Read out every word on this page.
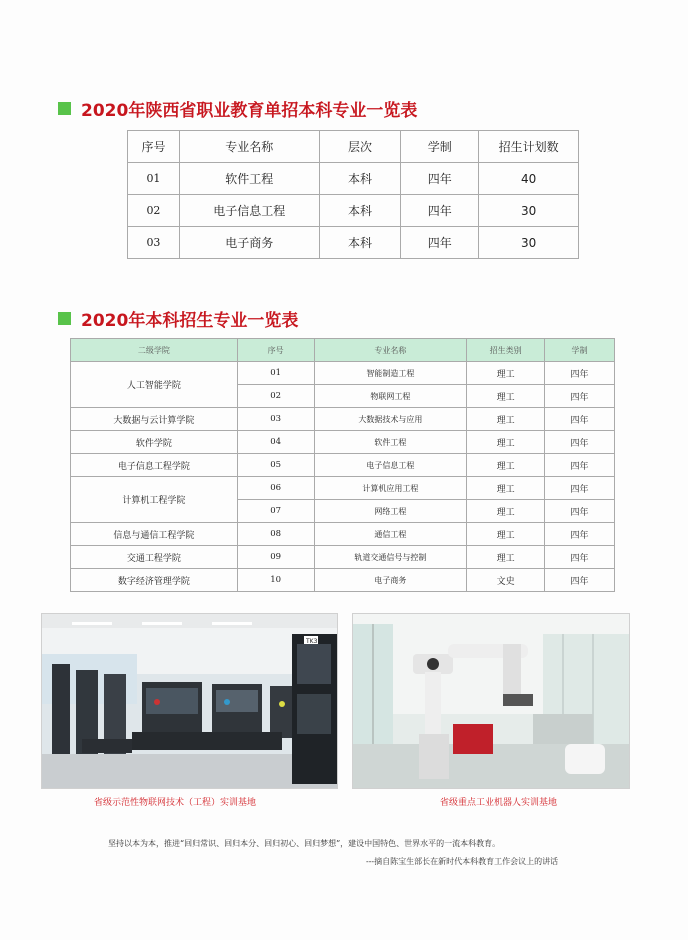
2020年陕西省职业教育单招本科专业一览表
序号	专业名称	层次	学制	招生计划数
01	软件工程	本科	四年	40
02	电子信息工程	本科	四年	30
03	电子商务	本科	四年	30
2020年本科招生专业一览表
二级学院	序号	专业名称	招生类别	学制
人工智能学院	01	智能制造工程	理工	四年
	02	物联网工程	理工	四年
大数据与云计算学院	03	大数据技术与应用	理工	四年
软件学院	04	软件工程	理工	四年
电子信息工程学院	05	电子信息工程	理工	四年
计算机工程学院	06	计算机应用工程	理工	四年
	07	网络工程	理工	四年
信息与通信工程学院	08	通信工程	理工	四年
交通工程学院	09	轨道交通信号与控制	理工	四年
数字经济管理学院	10	电子商务	文史	四年
TK3
省级示范性物联网技术（工程）实训基地	省级重点工业机器人实训基地
坚持以本为本，推进“回归常识、回归本分、回归初心、回归梦想”，建设中国特色、世界水平的一流本科教育。
---摘自陈宝生部长在新时代本科教育工作会议上的讲话
